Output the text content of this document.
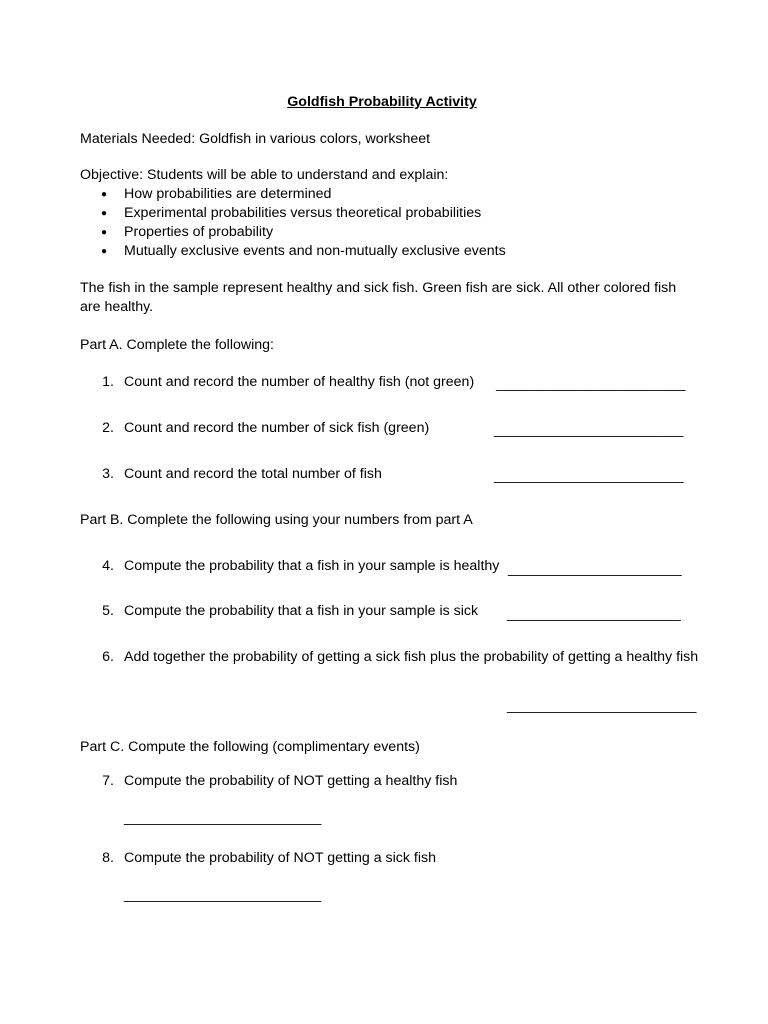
Goldfish Probability Activity
Materials Needed: Goldfish in various colors, worksheet
Objective: Students will be able to understand and explain:
● How probabilities are determined
● Experimental probabilities versus theoretical probabilities
● Properties of probability
● Mutually exclusive events and non-mutually exclusive events
The fish in the sample represent healthy and sick fish. Green fish are sick. All other colored fish
are healthy.
Part A. Complete the following:
1. Count and record the number of healthy fish (not green) ________________________
2. Count and record the number of sick fish (green)	________________________
3. Count and record the total number of fish	________________________
Part B. Complete the following using your numbers from part A
4. Compute the probability that a fish in your sample is healthy ______________________
5. Compute the probability that a fish in your sample is sick ______________________
6. Add together the probability of getting a sick fish plus the probability of getting a healthy fish
________________________
Part C. Compute the following (complimentary events)
7. Compute the probability of NOT getting a healthy fish
_________________________
8. Compute the probability of NOT getting a sick fish
_________________________
